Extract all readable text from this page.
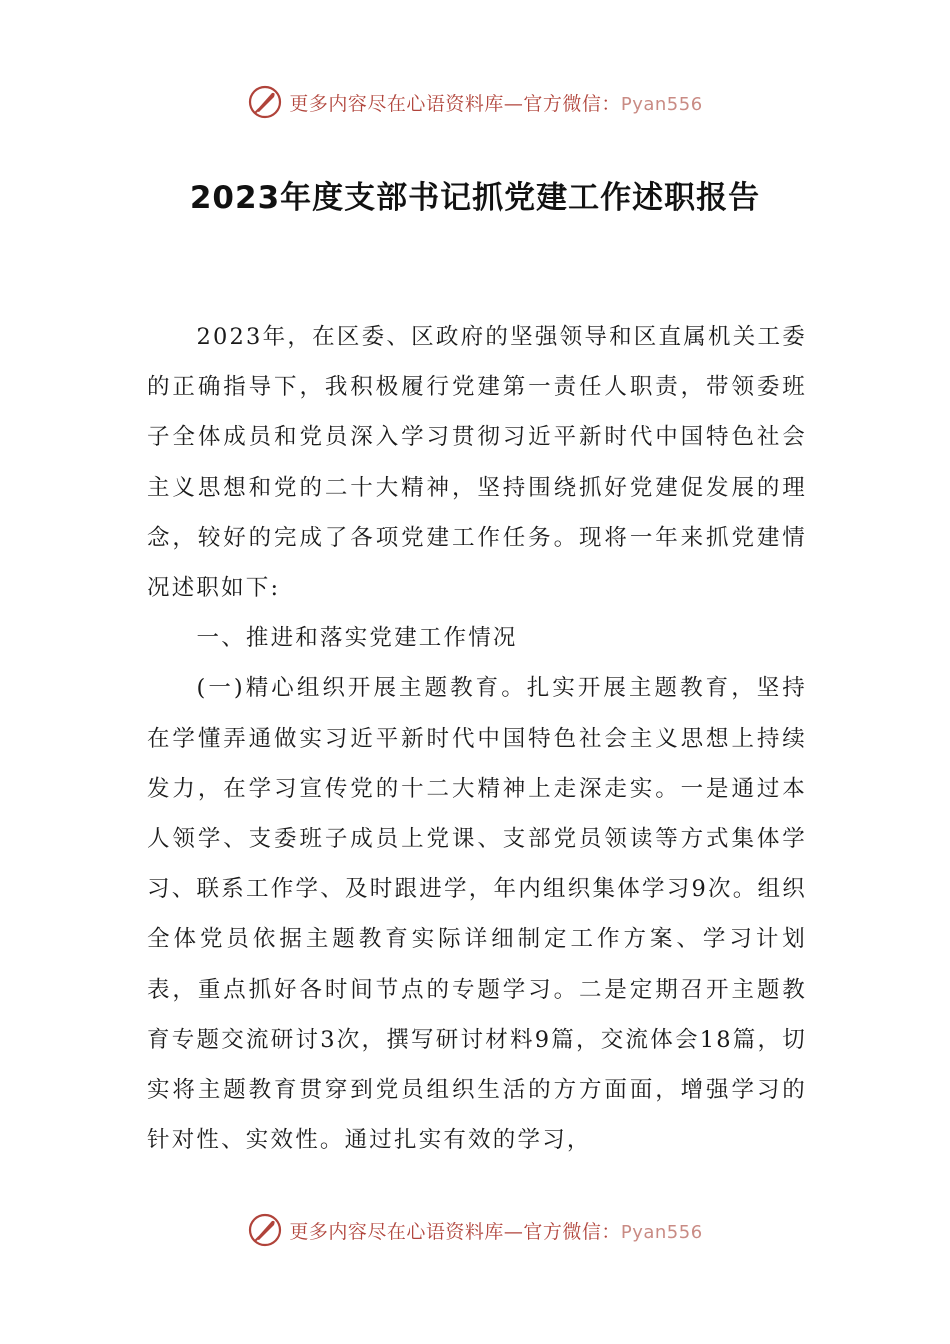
更多内容尽在心语资料库—官方微信：Pyan556
2023年度支部书记抓党建工作述职报告

2023年，在区委、区政府的坚强领导和区直属机关工委的正确指导下，我积极履行党建第一责任人职责，带领委班子全体成员和党员深入学习贯彻习近平新时代中国特色社会主义思想和党的二十大精神，坚持围绕抓好党建促发展的理念，较好的完成了各项党建工作任务。现将一年来抓党建情况述职如下:

一、推进和落实党建工作情况

(一)精心组织开展主题教育。扎实开展主题教育，坚持在学懂弄通做实习近平新时代中国特色社会主义思想上持续发力，在学习宣传党的十二大精神上走深走实。一是通过本人领学、支委班子成员上党课、支部党员领读等方式集体学习、联系工作学、及时跟进学，年内组织集体学习9次。组织全体党员依据主题教育实际详细制定工作方案、学习计划表，重点抓好各时间节点的专题学习。二是定期召开主题教育专题交流研讨3次，撰写研讨材料9篇，交流体会18篇，切实将主题教育贯穿到党员组织生活的方方面面，增强学习的针对性、实效性。通过扎实有效的学习，

更多内容尽在心语资料库—官方微信：Pyan556
